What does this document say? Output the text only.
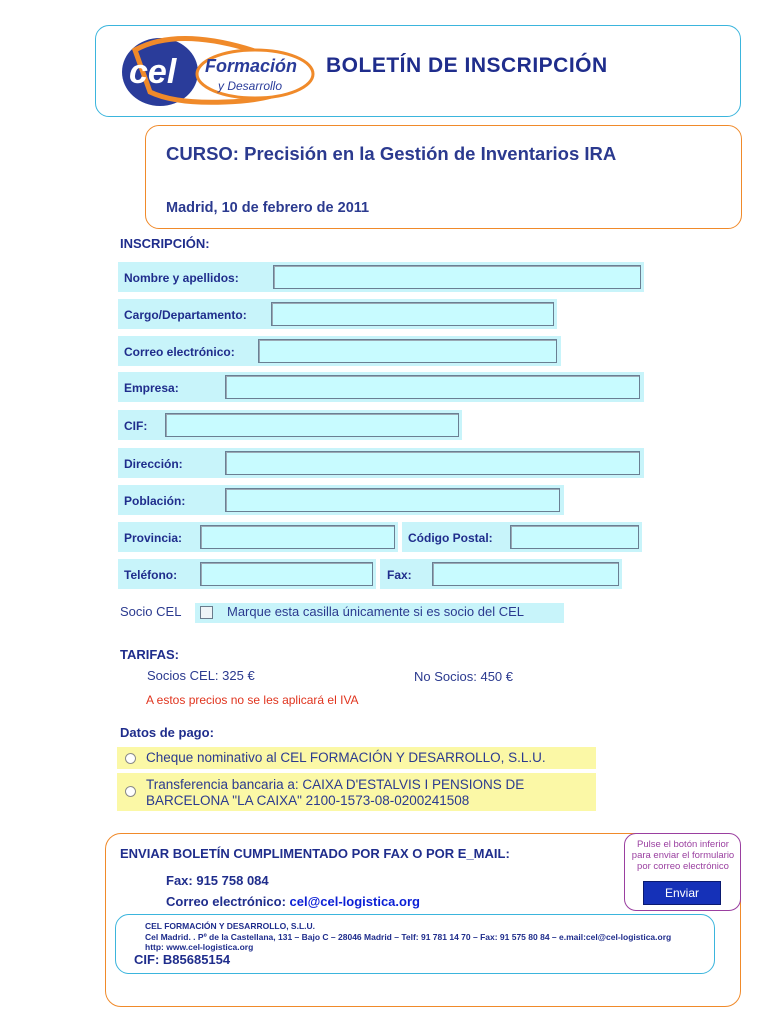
cel Formación
y Desarrollo
BOLETÍN DE INSCRIPCIÓN
CURSO: Precisión en la Gestión de Inventarios IRA
Madrid, 10 de febrero de 2011
INSCRIPCIÓN:
Nombre y apellidos:
Cargo/Departamento:
Correo electrónico:
Empresa:
CIF:
Dirección:
Población:
Provincia:	Código Postal:
Teléfono:	Fax:
Socio CEL	Marque esta casilla únicamente si es socio del CEL
TARIFAS:
Socios CEL: 325 €	No Socios: 450 €
A estos precios no se les aplicará el IVA
Datos de pago:
Cheque nominativo al CEL FORMACIÓN Y DESARROLLO, S.L.U.
Transferencia bancaria a: CAIXA D'ESTALVIS I PENSIONS DE
BARCELONA "LA CAIXA" 2100-1573-08-0200241508
ENVIAR BOLETÍN CUMPLIMENTADO POR FAX O POR E_MAIL:
Fax: 915 758 084
Correo electrónico: cel@cel-logistica.org
Pulse el botón inferior para enviar el formulario por correo electrónico
Enviar
CEL FORMACIÓN Y DESARROLLO, S.L.U.
Cel Madrid. . Pº de la Castellana, 131 – Bajo C – 28046 Madrid – Telf: 91 781 14 70 – Fax: 91 575 80 84 – e.mail:cel@cel-logistica.org
http: www.cel-logistica.org
CIF: B85685154
